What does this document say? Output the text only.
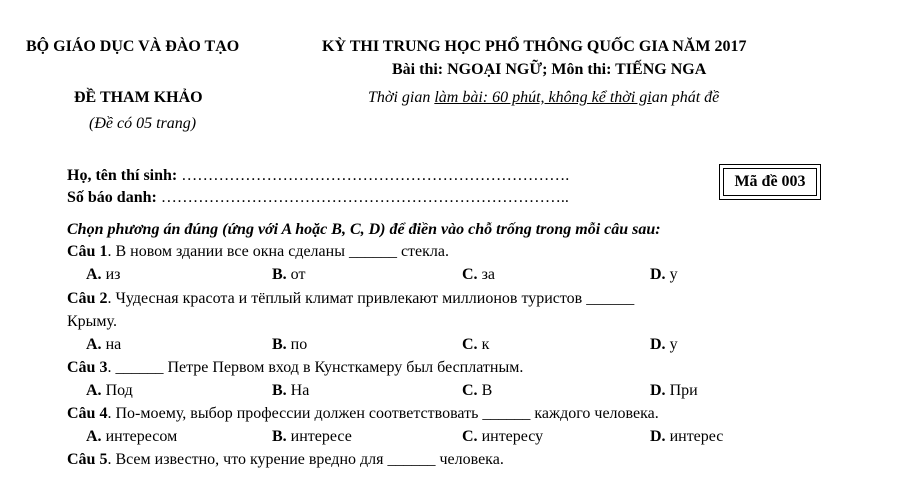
BỘ GIÁO DỤC VÀ ĐÀO TẠO	KỲ THI TRUNG HỌC PHỔ THÔNG QUỐC GIA NĂM 2017
Bài thi: NGOẠI NGỮ; Môn thi: TIẾNG NGA
ĐỀ THAM KHẢO	Thời gian làm bài: 60 phút, không kể thời gian phát đề
(Đề có 05 trang)
Họ, tên thí sinh: ……………………………………………………………….
Số báo danh: …………………………………………………………………..
Mã đề 003
Chọn phương án đúng (ứng với A hoặc B, C, D) để điền vào chỗ trống trong mỗi câu sau:
Câu 1. В новом здании все окна сделаны ______ стекла.
A. из	B. от	C. за	D. у
Câu 2. Чудесная красота и тёплый климат привлекают миллионов туристов ______
Крыму.
A. на	B. по	C. к	D. у
Câu 3. ______ Петре Первом вход в Кунсткамеру был бесплатным.
A. Под	B. На	C. В	D. При
Câu 4. По-моему, выбор профессии должен соответствовать ______ каждого человека.
A. интересом	B. интересе	C. интересу	D. интерес
Câu 5. Всем известно, что курение вредно для ______ человека.
